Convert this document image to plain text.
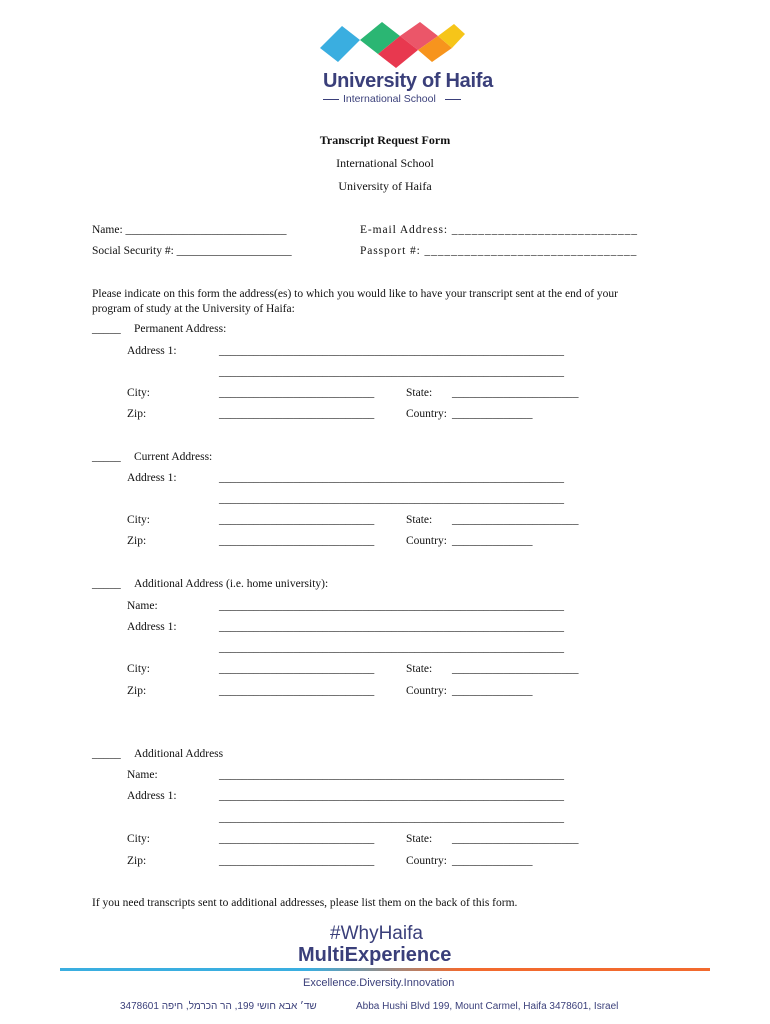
University of Haifa
International School
Transcript Request Form
International School
University of Haifa
Name: ____________________________	E-mail Address: ____________________________
Social Security #: ____________________	Passport #: ________________________________
Please indicate on this form the address(es) to which you would like to have your transcript sent at the end of your
program of study at the University of Haifa:
_____ Permanent Address:
Address 1:	____________________________________________________________
____________________________________________________________
City:	___________________________	State: ______________________
Zip:	___________________________	Country: ______________
_____ Current Address:
Address 1:	____________________________________________________________
____________________________________________________________
City:	___________________________	State: ______________________
Zip:	___________________________	Country: ______________
_____ Additional Address (i.e. home university):
Name:	____________________________________________________________
Address 1:	____________________________________________________________
____________________________________________________________
City:	___________________________	State: ______________________
Zip:	___________________________	Country: ______________
_____ Additional Address
Name:	____________________________________________________________
Address 1:	____________________________________________________________
____________________________________________________________
City:	___________________________	State: ______________________
Zip:	___________________________	Country: ______________
If you need transcripts sent to additional addresses, please list them on the back of this form.
#WhyHaifa
MultiExperience
Excellence.Diversity.Innovation
שד׳ אבא חושי 199, הר הכרמל, חיפה 3478601	Abba Hushi Blvd 199, Mount Carmel, Haifa 3478601, Israel
